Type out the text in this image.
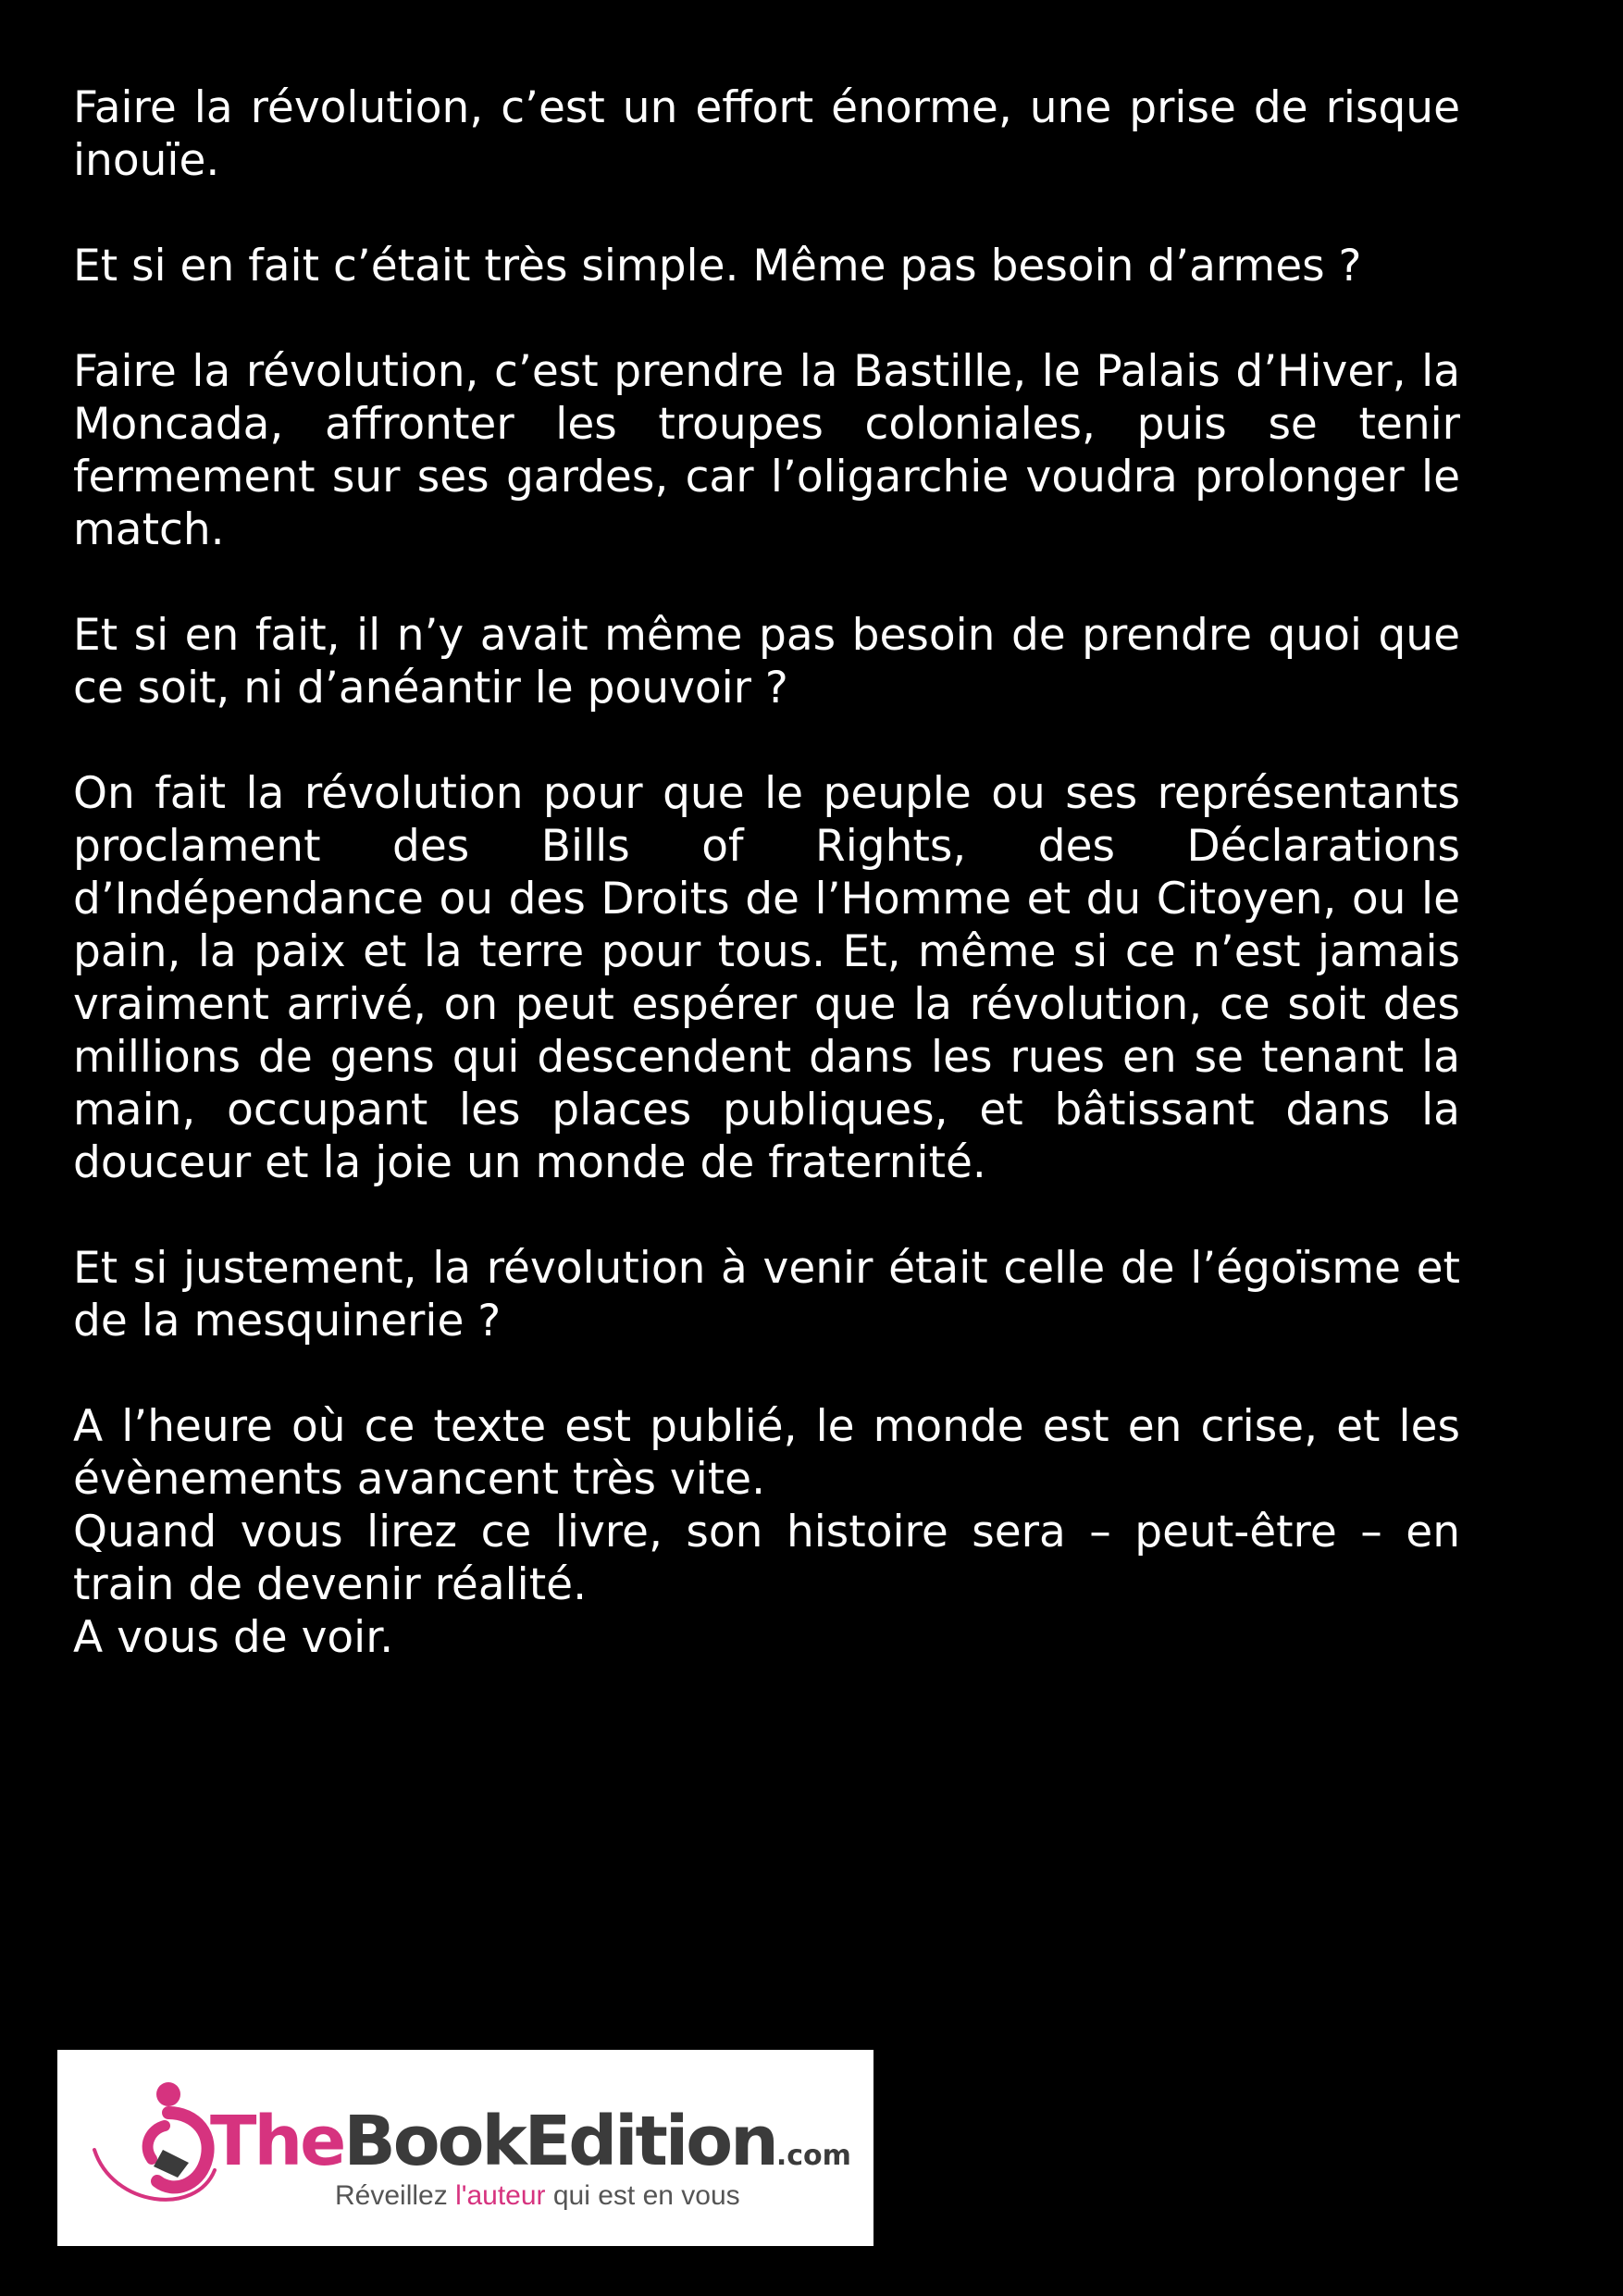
Faire la révolution, c’est un effort énorme, une prise de risque inouïe.

Et si en fait c’était très simple. Même pas besoin d’armes ?

Faire la révolution, c’est prendre la Bastille, le Palais d’Hiver, la Moncada, affronter les troupes coloniales, puis se tenir fermement sur ses gardes, car l’oligarchie voudra prolonger le match.

Et si en fait, il n’y avait même pas besoin de prendre quoi que ce soit, ni d’anéantir le pouvoir ?

On fait la révolution pour que le peuple ou ses représentants proclament des Bills of Rights, des Déclarations d’Indépendance ou des Droits de l’Homme et du Citoyen, ou le pain, la paix et la terre pour tous. Et, même si ce n’est jamais vraiment arrivé, on peut espérer que la révolution, ce soit des millions de gens qui descendent dans les rues en se tenant la main, occupant les places publiques, et bâtissant dans la douceur et la joie un monde de fraternité.

Et si justement, la révolution à venir était celle de l’égoïsme et de la mesquinerie ?

A l’heure où ce texte est publié, le monde est en crise, et les évènements avancent très vite.

Quand vous lirez ce livre, son histoire sera – peut-être – en train de devenir réalité.

A vous de voir.

TheBookEdition.com
Réveillez l'auteur qui est en vous
